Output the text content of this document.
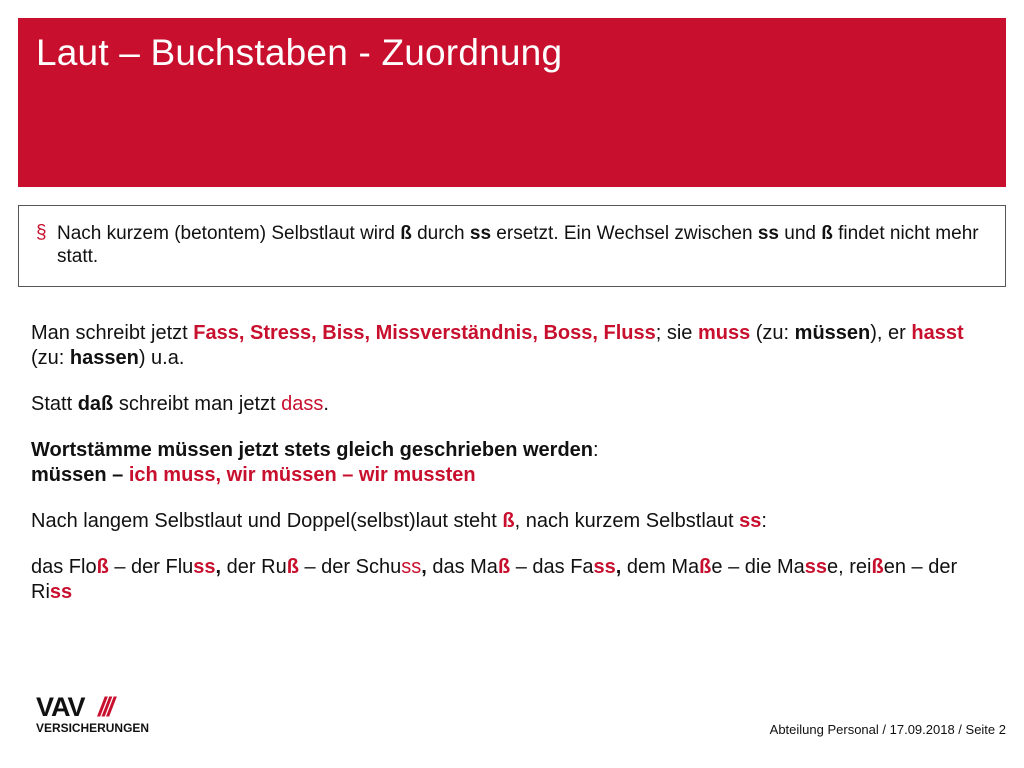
Laut – Buchstaben - Zuordnung
§ Nach kurzem (betontem) Selbstlaut wird ß durch ss ersetzt. Ein Wechsel zwischen ss und ß findet nicht mehr statt.

Man schreibt jetzt Fass, Stress, Biss, Missverständnis, Boss, Fluss; sie muss (zu: müssen), er hasst (zu: hassen) u.a.

Statt daß schreibt man jetzt dass.

Wortstämme müssen jetzt stets gleich geschrieben werden:
müssen – ich muss, wir müssen – wir mussten

Nach langem Selbstlaut und Doppel(selbst)laut steht ß, nach kurzem Selbstlaut ss:

das Floß – der Fluss, der Ruß – der Schuss, das Maß – das Fass, dem Maße – die Masse, reißen – der Riss

VAV ///
VERSICHERUNGEN	Abteilung Personal / 17.09.2018 / Seite 2
